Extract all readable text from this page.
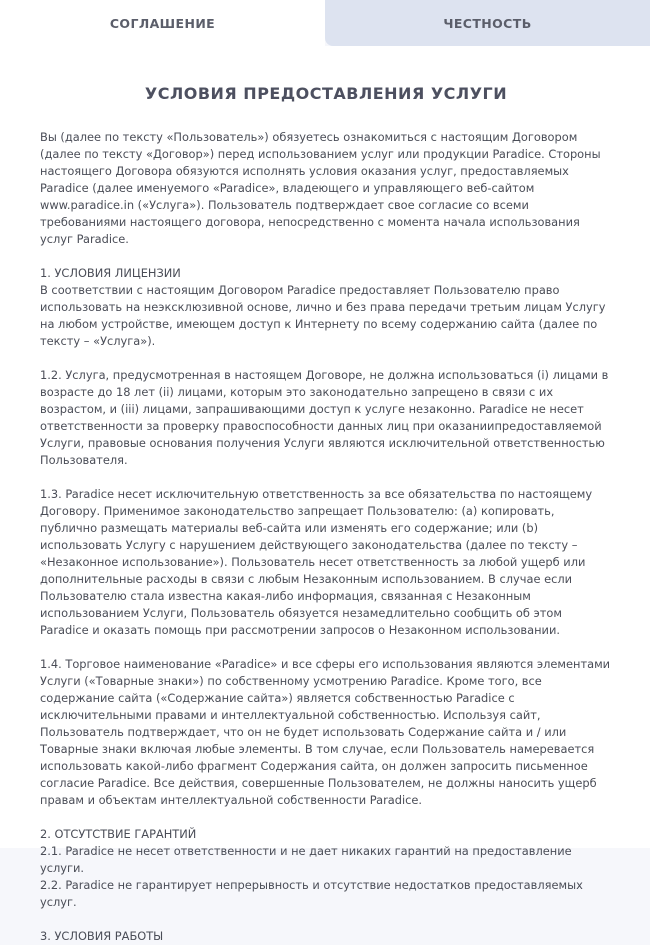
СОГЛАШЕНИЕ	ЧЕСТНОСТЬ
УСЛОВИЯ ПРЕДОСТАВЛЕНИЯ УСЛУГИ

Вы (далее по тексту «Пользователь») обязуетесь ознакомиться с настоящим Договором (далее по тексту «Договор») перед использованием услуг или продукции Paradice. Стороны настоящего Договора обязуются исполнять условия оказания услуг, предоставляемых Paradice (далее именуемого «Paradice», владеющего и управляющего веб-сайтом www.paradice.in («Услуга»). Пользователь подтверждает свое согласие со всеми требованиями настоящего договора, непосредственно с момента начала использования услуг Paradice.

1. УСЛОВИЯ ЛИЦЕНЗИИ

В соответствии с настоящим Договором Paradice предоставляет Пользователю право использовать на неэксклюзивной основе, лично и без права передачи третьим лицам Услугу на любом устройстве, имеющем доступ к Интернету по всему содержанию сайта (далее по тексту – «Услуга»).

1.2. Услуга, предусмотренная в настоящем Договоре, не должна использоваться (i) лицами в возрасте до 18 лет (ii) лицами, которым это законодательно запрещено в связи с их возрастом, и (iii) лицами, запрашивающими доступ к услуге незаконно. Paradice не несет ответственности за проверку правоспособности данных лиц при оказаниипредоставляемой Услуги, правовые основания получения Услуги являются исключительной ответственностью Пользователя.

1.3. Paradice несет исключительную ответственность за все обязательства по настоящему Договору. Применимое законодательство запрещает Пользователю: (a) копировать, публично размещать материалы веб-сайта или изменять его содержание; или (b) использовать Услугу с нарушением действующего законодательства (далее по тексту – «Незаконное использование»). Пользователь несет ответственность за любой ущерб или дополнительные расходы в связи с любым Незаконным использованием. В случае если Пользователю стала известна какая-либо информация, связанная с Незаконным использованием Услуги, Пользователь обязуется незамедлительно сообщить об этом Paradice и оказать помощь при рассмотрении запросов о Незаконном использовании.

1.4. Торговое наименование «Paradice» и все сферы его использования являются элементами Услуги («Товарные знаки») по собственному усмотрению Paradice. Кроме того, все содержание сайта («Содержание сайта») является собственностью Paradice с исключительными правами и интеллектуальной собственностью. Используя сайт, Пользователь подтверждает, что он не будет использовать Содержание сайта и / или Товарные знаки включая любые элементы. В том случае, если Пользователь намеревается использовать какой-либо фрагмент Содержания сайта, он должен запросить письменное согласие Paradice. Все действия, совершенные Пользователем, не должны наносить ущерб правам и объектам интеллектуальной собственности Paradice.

2. ОТСУТСТВИЕ ГАРАНТИЙ
2.1. Paradice не несет ответственности и не дает никаких гарантий на предоставление услуги.
2.2. Paradice не гарантирует непрерывность и отсутствие недостатков предоставляемых услуг.
3. УСЛОВИЯ РАБОТЫ
